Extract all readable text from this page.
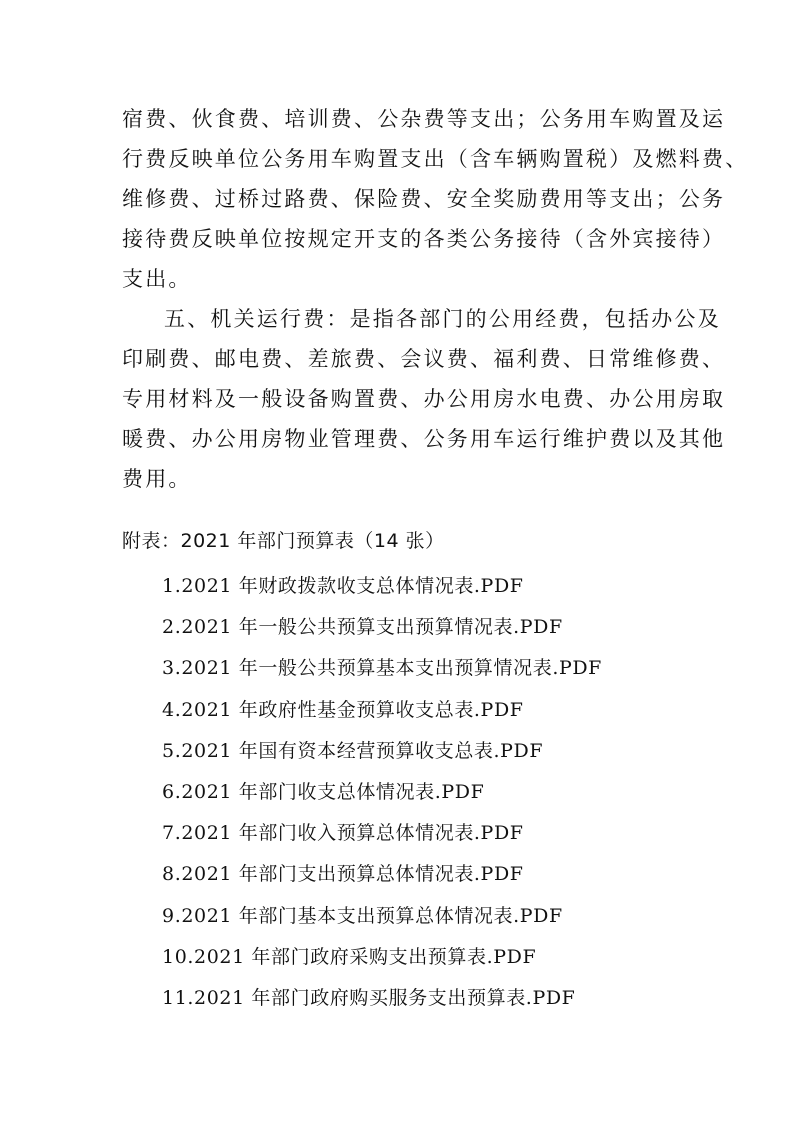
宿费、伙食费、培训费、公杂费等支出；公务用车购置及运
行费反映单位公务用车购置支出（含车辆购置税）及燃料费、
维修费、过桥过路费、保险费、安全奖励费用等支出；公务
接待费反映单位按规定开支的各类公务接待（含外宾接待）
支出。
五、机关运行费：是指各部门的公用经费，包括办公及
印刷费、邮电费、差旅费、会议费、福利费、日常维修费、
专用材料及一般设备购置费、办公用房水电费、办公用房取
暖费、办公用房物业管理费、公务用车运行维护费以及其他
费用。
附表：2021 年部门预算表（14 张）
1.2021 年财政拨款收支总体情况表.PDF
2.2021 年一般公共预算支出预算情况表.PDF
3.2021 年一般公共预算基本支出预算情况表.PDF
4.2021 年政府性基金预算收支总表.PDF
5.2021 年国有资本经营预算收支总表.PDF
6.2021 年部门收支总体情况表.PDF
7.2021 年部门收入预算总体情况表.PDF
8.2021 年部门支出预算总体情况表.PDF
9.2021 年部门基本支出预算总体情况表.PDF
10.2021 年部门政府采购支出预算表.PDF
11.2021 年部门政府购买服务支出预算表.PDF
